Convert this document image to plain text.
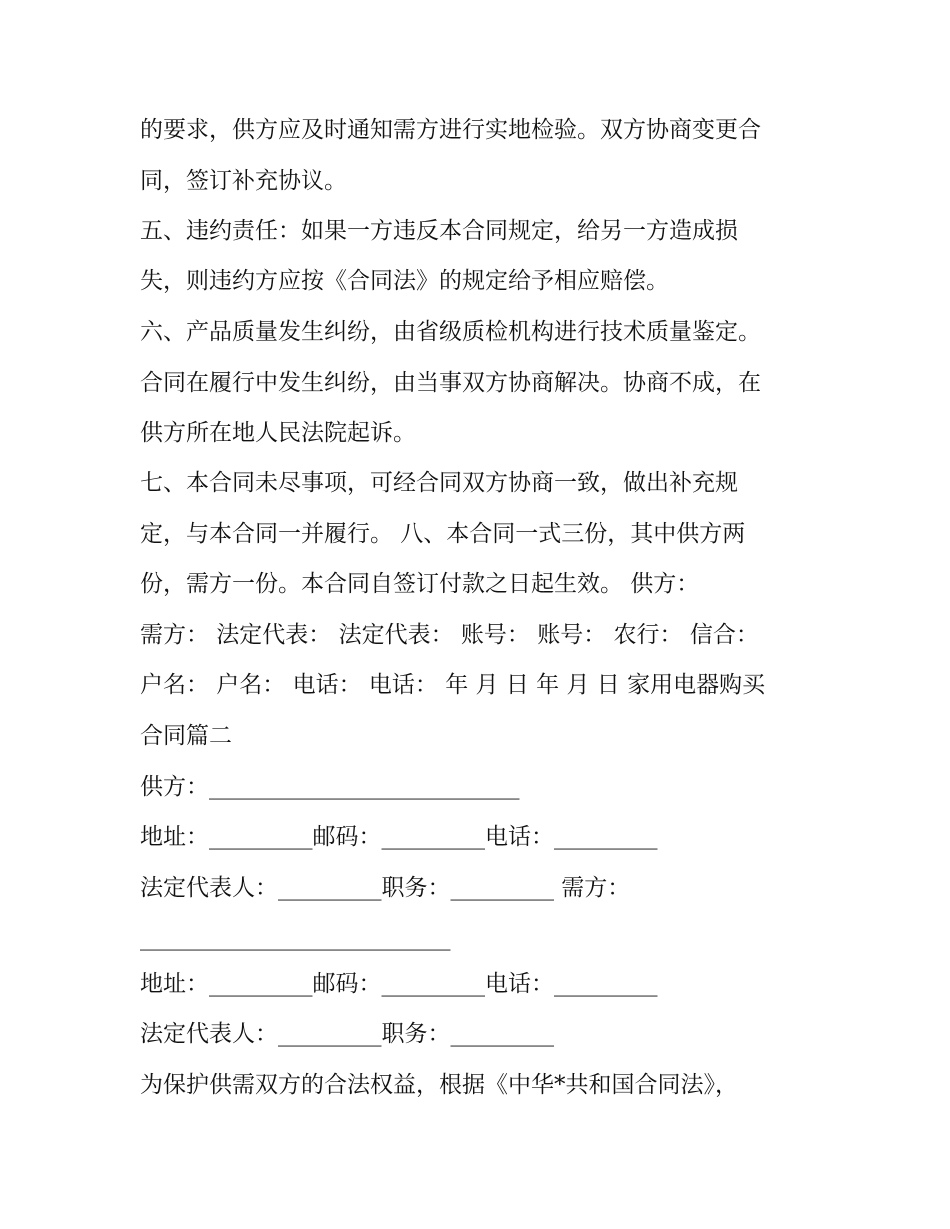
的要求，供方应及时通知需方进行实地检验。双方协商变更合
同，签订补充协议。
五、违约责任：如果一方违反本合同规定，给另一方造成损
失，则违约方应按《合同法》的规定给予相应赔偿。
六、产品质量发生纠纷，由省级质检机构进行技术质量鉴定。
合同在履行中发生纠纷，由当事双方协商解决。协商不成，在
供方所在地人民法院起诉。
七、本合同未尽事项，可经合同双方协商一致，做出补充规
定，与本合同一并履行。 八、本合同一式三份，其中供方两
份，需方一份。本合同自签订付款之日起生效。 供方：
需方： 法定代表： 法定代表： 账号： 账号： 农行： 信合：
户名： 户名： 电话： 电话： 年 月 日 年 月 日 家用电器购买
合同篇二
供方：___________________________
地址：_________邮码：_________电话：_________
法定代表人：_________职务：_________ 需方：
___________________________
地址：_________邮码：_________电话：_________
法定代表人：_________职务：_________
为保护供需双方的合法权益，根据《中华*共和国合同法》，
